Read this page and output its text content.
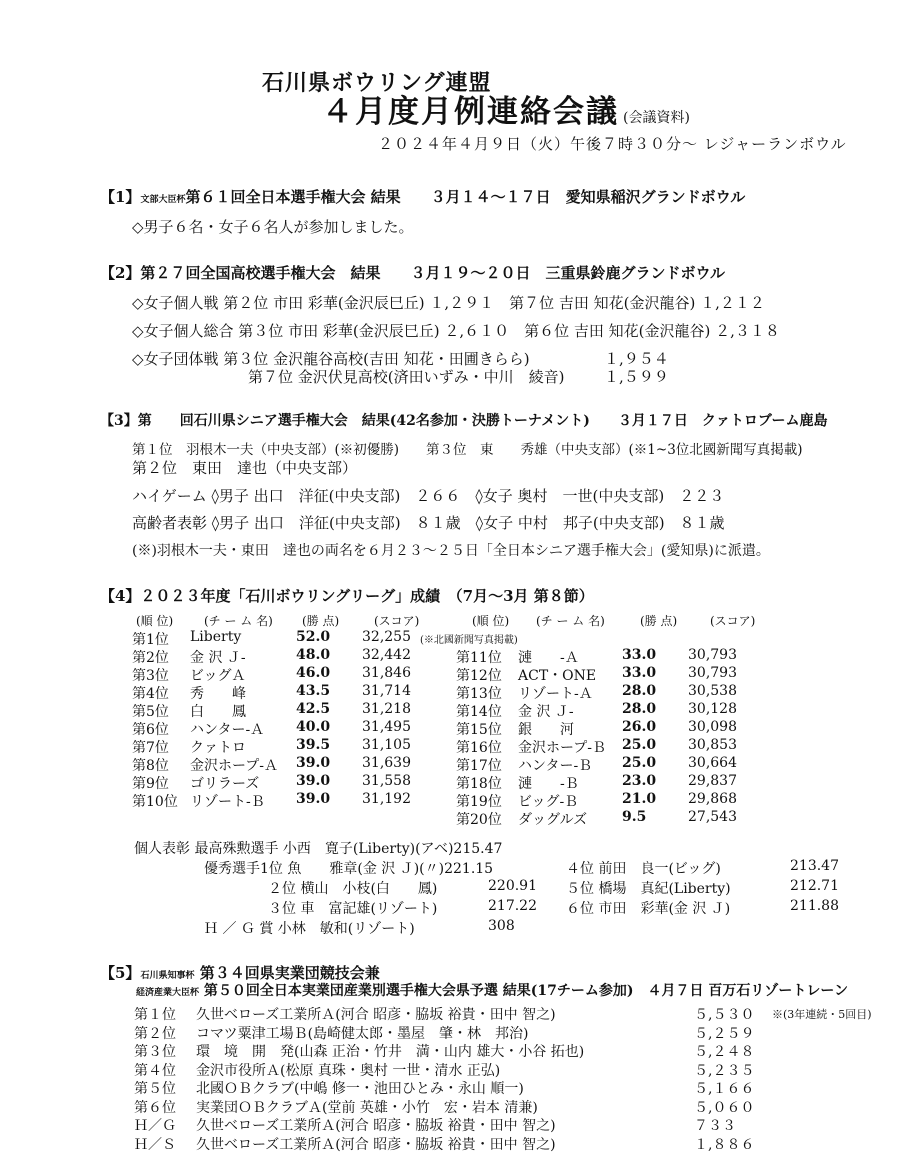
石川県ボウリング連盟
４月度月例連絡会議 (会議資料)
２０２４年４月９日（火）午後７時３０分～ レジャーランボウル
【1】文部大臣杯第６１回全日本選手権大会 結果　　３月１４～１７日　愛知県稲沢グランドボウル
◇男子６名・女子６名人が参加しました。
【2】第２７回全国高校選手権大会　結果　　３月１９～２０日　三重県鈴鹿グランドボウル
◇女子個人戦 第２位 市田 彩華(金沢辰巳丘) １,２９１　第７位 吉田 知花(金沢龍谷) １,２１２
◇女子個人総合 第３位 市田 彩華(金沢辰巳丘) ２,６１０　第６位 吉田 知花(金沢龍谷) ２,３１８
◇女子団体戦 第３位 金沢龍谷高校(吉田 知花・田圃きらら)	１,９５４
第７位 金沢伏見高校(済田いずみ・中川　綾音)	１,５９９
【3】第　　回石川県シニア選手権大会　結果(42名参加・決勝トーナメント)　　３月１７日　クァトロブーム鹿島
第１位　羽根木一夫（中央支部）(※初優勝)　　第３位　東　　秀雄（中央支部）(※1~3位北國新聞写真掲載)
第２位　東田　達也（中央支部）
ハイゲーム ◊男子 出口　洋征(中央支部)　２６６　◊女子 奥村　一世(中央支部)　２２３
高齢者表彰 ◊男子 出口　洋征(中央支部)　８１歳　◊女子 中村　邦子(中央支部)　８１歳
(※)羽根木一夫・東田　達也の両名を６月２３～２５日「全日本シニア選手権大会」(愛知県)に派遣。
【4】２０２３年度「石川ボウリングリーグ」成績　（7月～3月 第８節）
(順 位)	(チ ー ム 名) (勝 点)	(スコア)	(順 位) (チ ー ム 名)	(勝 点)	(スコア)
第1位 Liberty	52.0 32,255 (※北國新聞写真掲載)
第2位 金 沢 Ｊ-	48.0 32,442
第3位 ビッグＡ	46.0 31,846
第4位 秀　　峰	43.5 31,714
第5位 白　　鳳	42.5 31,218
第6位 ハンター-Ａ 40.0 31,495
第7位 クァトロ	39.5 31,105
第8位 金沢ホープ-Ａ 39.0 31,639
第9位 ゴリラーズ	39.0 31,558
第10位 リゾート-Ｂ 39.0 31,192
第11位 漣　　-Ａ	33.0 30,793
第12位 ACT・ONE 33.0 30,793
第13位 リゾート-Ａ 28.0 30,538
第14位 金 沢 Ｊ-	28.0 30,128
第15位 銀　　河	26.0 30,098
第16位 金沢ホープ-Ｂ 25.0 30,853
第17位 ハンター-Ｂ 25.0 30,664
第18位 漣　　-Ｂ	23.0 29,837
第19位 ビッグ-Ｂ	21.0 29,868
第20位 ダッグルズ 9.5	27,543
個人表彰 最高殊勲選手 小西　寛子(Liberty)(アベ)215.47
優秀選手1位 魚　　雅章(金 沢 Ｊ)(〃)221.15	４位 前田　良一(ビッグ)	213.47
２位 横山　小枝(白　　鳳)	220.91 ５位 橋場　真紀(Liberty)	212.71
３位 車　富記雄(リゾート)	217.22 ６位 市田　彩華(金 沢 Ｊ)	211.88
Ｈ ／ Ｇ 賞 小林　敏和(リゾート)	308
【5】石川県知事杯 第３４回県実業団競技会兼
経済産業大臣杯 第５０回全日本実業団産業別選手権大会県予選 結果(17チーム参加)　４月７日 百万石リゾートレーン
第１位 久世ベローズ工業所Ａ(河合 昭彦・脇坂 裕貴・田中 智之)	５,５３０ ※(3年連続・5回目)
第２位 コマツ粟津工場Ｂ(島崎健太郎・墨屋　肇・林　邦治)	５,２５９
第３位 環　境　開　発(山森 正治・竹井　満・山内 雄大・小谷 拓也)	５,２４８
第４位 金沢市役所Ａ(松原 真珠・奥村 一世・清水 正弘)	５,２３５
第５位 北國ＯＢクラブ(中嶋 修一・池田ひとみ・永山 順一)	５,１６６
第６位 実業団ＯＢクラブＡ(堂前 英雄・小竹　宏・岩本 清兼)	５,０６０
Ｈ／Ｇ 久世ベローズ工業所Ａ(河合 昭彦・脇坂 裕貴・田中 智之)	７３３
Ｈ／Ｓ 久世ベローズ工業所Ａ(河合 昭彦・脇坂 裕貴・田中 智之)	１,８８６
